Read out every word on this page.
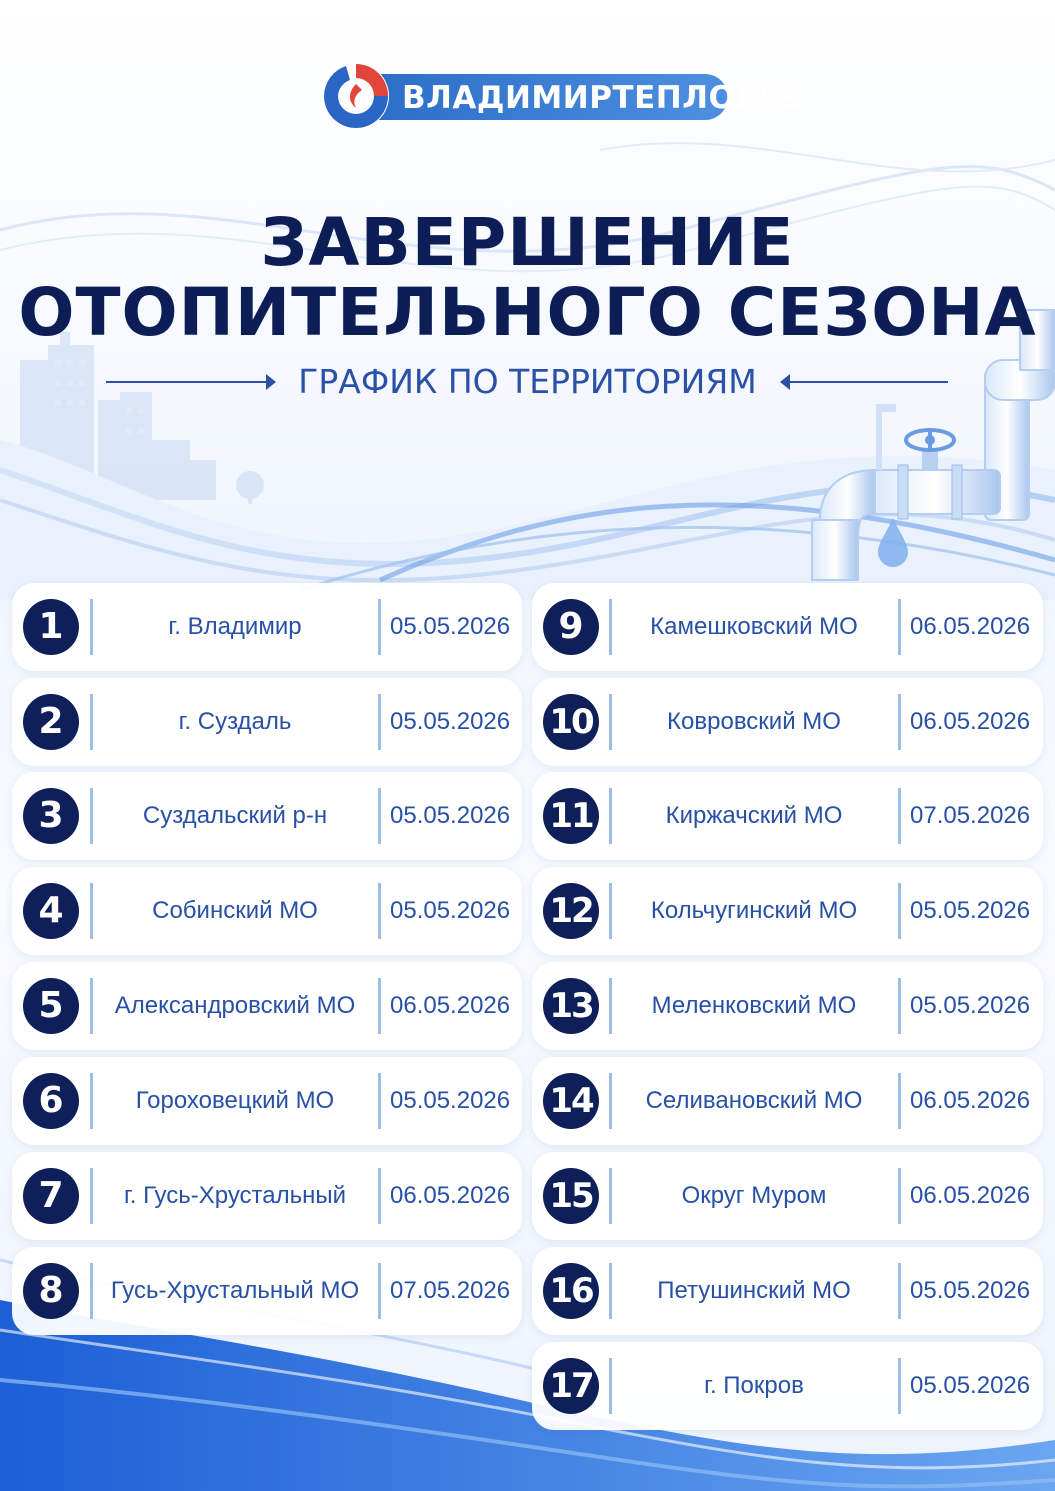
ВЛАДИМИРТЕПЛОГАЗ
ЗАВЕРШЕНИЕ
ОТОПИТЕЛЬНОГО СЕЗОНА
ГРАФИК ПО ТЕРРИТОРИЯМ
1	г. Владимир	05.05.2026
2	г. Суздаль	05.05.2026
3	Суздальский р-н	05.05.2026
4	Собинский МО	05.05.2026
5	Александровский МО	06.05.2026
6	Гороховецкий МО	05.05.2026
7	г. Гусь-Хрустальный	06.05.2026
8	Гусь-Хрустальный МО	07.05.2026
9	Камешковский МО	06.05.2026
10	Ковровский МО	06.05.2026
11	Киржачский МО	07.05.2026
12	Кольчугинский МО	05.05.2026
13	Меленковский МО	05.05.2026
14	Селивановский МО	06.05.2026
15	Округ Муром	06.05.2026
16	Петушинский МО	05.05.2026
17	г. Покров	05.05.2026
